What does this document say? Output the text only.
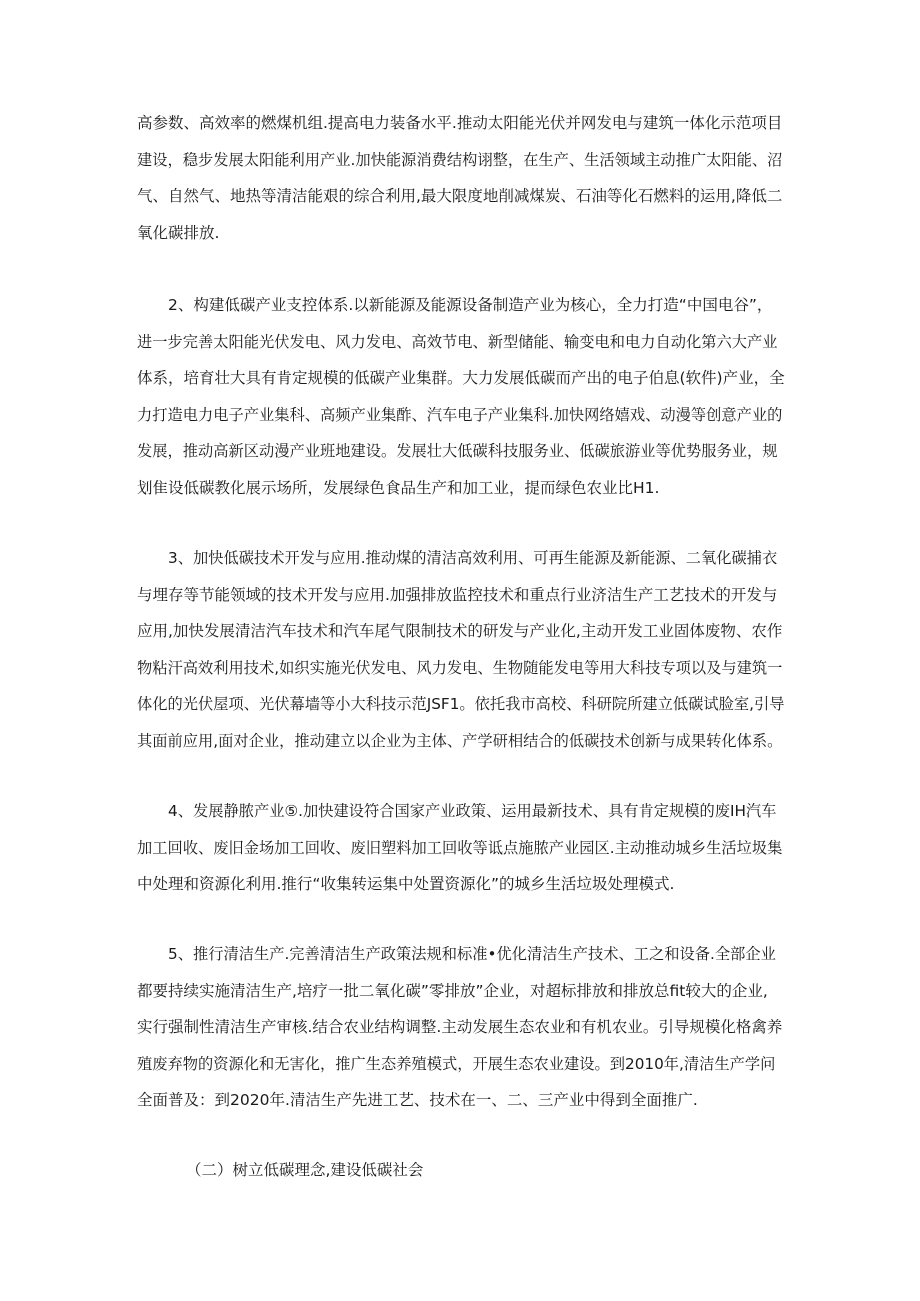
高参数、高效率的燃煤机组.提高电力装备水平.推动太阳能光伏并网发电与建筑一体化示范项目
建设，稳步发展太阳能利用产业.加快能源消费结构诩整，在生产、生活领域主动推广太阳能、沼
气、自然气、地热等清洁能艰的综合利用,最大限度地削减煤炭、石油等化石燃料的运用,降低二
氧化碳排放.
2、构建低碳产业支控体系.以新能源及能源设备制造产业为核心，全力打造“中国电谷”，
进一步完善太阳能光伏发电、风力发电、高效节电、新型储能、输变电和电力自动化第六大产业
体系，培育壮大具有肯定规模的低碳产业集群。大力发展低碳而产出的电子伯息(软件)产业，全
力打造电力电子产业集科、高频产业集酢、汽车电子产业集科.加快网络嬉戏、动漫等创意产业的
发展，推动高新区动漫产业班地建设。发展壮大低碳科技服务业、低碳旅游业等优势服务业，规
划隹设低碳教化展示场所，发展绿色食品生产和加工业，提而绿色农业比H1.
3、加快低碳技术开发与应用.推动煤的清洁高效利用、可再生能源及新能源、二氧化碳捕衣
与埋存等节能领域的技术开发与应用.加强排放监控技术和重点行业济洁生产工艺技术的开发与
应用,加快发展清洁汽车技术和汽车尾气限制技术的研发与产业化,主动开发工业固体废物、农作
物粘汗高效利用技术,如织实施光伏发电、风力发电、生物随能发电等用大科技专项以及与建筑一
体化的光伏屋项、光伏幕墙等小大科技示范JSF1。依托我市高校、科研院所建立低碳试脸室,引导
其面前应用,面对企业，推动建立以企业为主体、产学研相结合的低碳技术创新与成果转化体系。
4、发展静脓产业⑤.加快建设符合国家产业政策、运用最新技术、具有肯定规模的废IH汽车
加工回收、废旧金场加工回收、废旧塑料加工回收等诋点施脓产业园区.主动推动城乡生活垃圾集
中处理和资源化利用.推行“收集转运集中处置资源化”的城乡生活垃圾处理模式.
5、推行清洁生产.完善清洁生产政策法规和标准•优化清洁生产技术、工之和设备.全部企业
都要持续实施清洁生产,培疗一批二氧化碳”零排放”企业，对超标排放和排放总fit较大的企业,
实行强制性清洁生产审核.结合农业结构调整.主动发展生态农业和有机农业。引导规模化格禽养
殖废弃物的资源化和无害化，推广生态养殖模式，开展生态农业建设。到2010年,清洁生产学问
全面普及：到2020年.清洁生产先进工艺、技术在一、二、三产业中得到全面推广.
（二）树立低碳理念,建设低碳社会
